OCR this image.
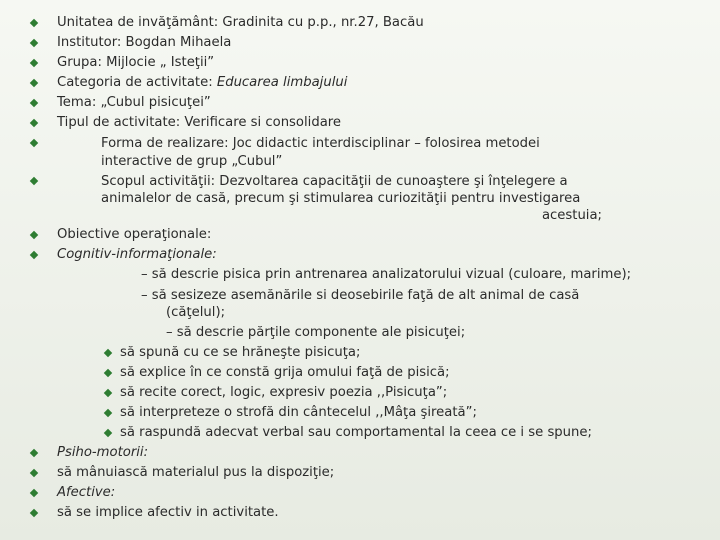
Unitatea de invăţământ: Gradinita cu p.p., nr.27, Bacău
Institutor: Bogdan Mihaela
Grupa: Mijlocie „ Isteţii”
Categoria de activitate: Educarea limbajului
Tema: „Cubul pisicuţei”
Tipul de activitate: Verificare si consolidare
Forma de realizare: Joc didactic interdisciplinar – folosirea metodei
interactive de grup „Cubul”
Scopul activităţii: Dezvoltarea capacităţii de cunoaştere şi înţelegere a
animalelor de casă, precum şi stimularea curiozităţii pentru investigarea
acestuia;
Obiective operaţionale:
Cognitiv-informaţionale:
– să descrie pisica prin antrenarea analizatorului vizual (culoare, marime);
– să sesizeze asemănările si deosebirile faţă de alt animal de casă
(căţelul);
– să descrie părţile componente ale pisicuţei;
să spună cu ce se hrăneşte pisicuţa;
să explice în ce constă grija omului faţă de pisică;
să recite corect, logic, expresiv poezia ,,Pisicuţa”;
să interpreteze o strofă din cântecelul ,,Mâţa şireată”;
să raspundă adecvat verbal sau comportamental la ceea ce i se spune;
Psiho-motorii:
să mânuiască materialul pus la dispoziţie;
Afective:
să se implice afectiv in activitate.
